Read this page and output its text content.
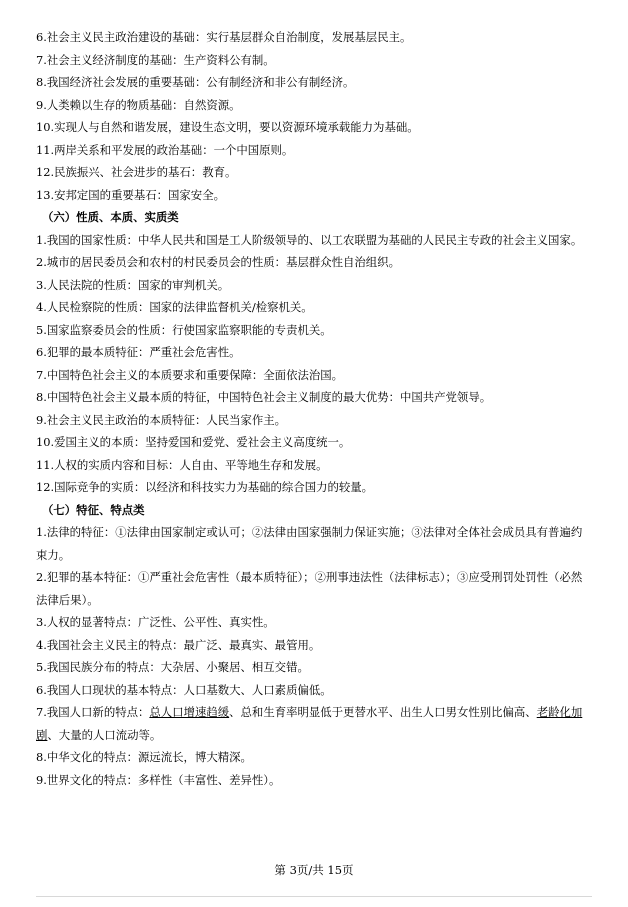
6.社会主义民主政治建设的基础：实行基层群众自治制度，发展基层民主。
7.社会主义经济制度的基础：生产资料公有制。
8.我国经济社会发展的重要基础：公有制经济和非公有制经济。
9.人类赖以生存的物质基础：自然资源。
10.实现人与自然和谐发展，建设生态文明，要以资源环境承载能力为基础。
11.两岸关系和平发展的政治基础：一个中国原则。
12.民族振兴、社会进步的基石：教育。
13.安邦定国的重要基石：国家安全。
（六）性质、本质、实质类
1.我国的国家性质：中华人民共和国是工人阶级领导的、以工农联盟为基础的人民民主专政的社会主义国家。
2.城市的居民委员会和农村的村民委员会的性质：基层群众性自治组织。
3.人民法院的性质：国家的审判机关。
4.人民检察院的性质：国家的法律监督机关/检察机关。
5.国家监察委员会的性质：行使国家监察职能的专责机关。
6.犯罪的最本质特征：严重社会危害性。
7.中国特色社会主义的本质要求和重要保障：全面依法治国。
8.中国特色社会主义最本质的特征，中国特色社会主义制度的最大优势：中国共产党领导。
9.社会主义民主政治的本质特征：人民当家作主。
10.爱国主义的本质：坚持爱国和爱党、爱社会主义高度统一。
11.人权的实质内容和目标：人自由、平等地生存和发展。
12.国际竞争的实质：以经济和科技实力为基础的综合国力的较量。
（七）特征、特点类
1.法律的特征：①法律由国家制定或认可；②法律由国家强制力保证实施；③法律对全体社会成员具有普遍约束力。
2.犯罪的基本特征：①严重社会危害性（最本质特征）；②刑事违法性（法律标志）；③应受刑罚处罚性（必然法律后果）。
3.人权的显著特点：广泛性、公平性、真实性。
4.我国社会主义民主的特点：最广泛、最真实、最管用。
5.我国民族分布的特点：大杂居、小聚居、相互交错。
6.我国人口现状的基本特点：人口基数大、人口素质偏低。
7.我国人口新的特点：总人口增速趋缓、总和生育率明显低于更替水平、出生人口男女性别比偏高、老龄化加剧、大量的人口流动等。
8.中华文化的特点：源远流长，博大精深。
9.世界文化的特点：多样性（丰富性、差异性）。
第 3页/共 15页
